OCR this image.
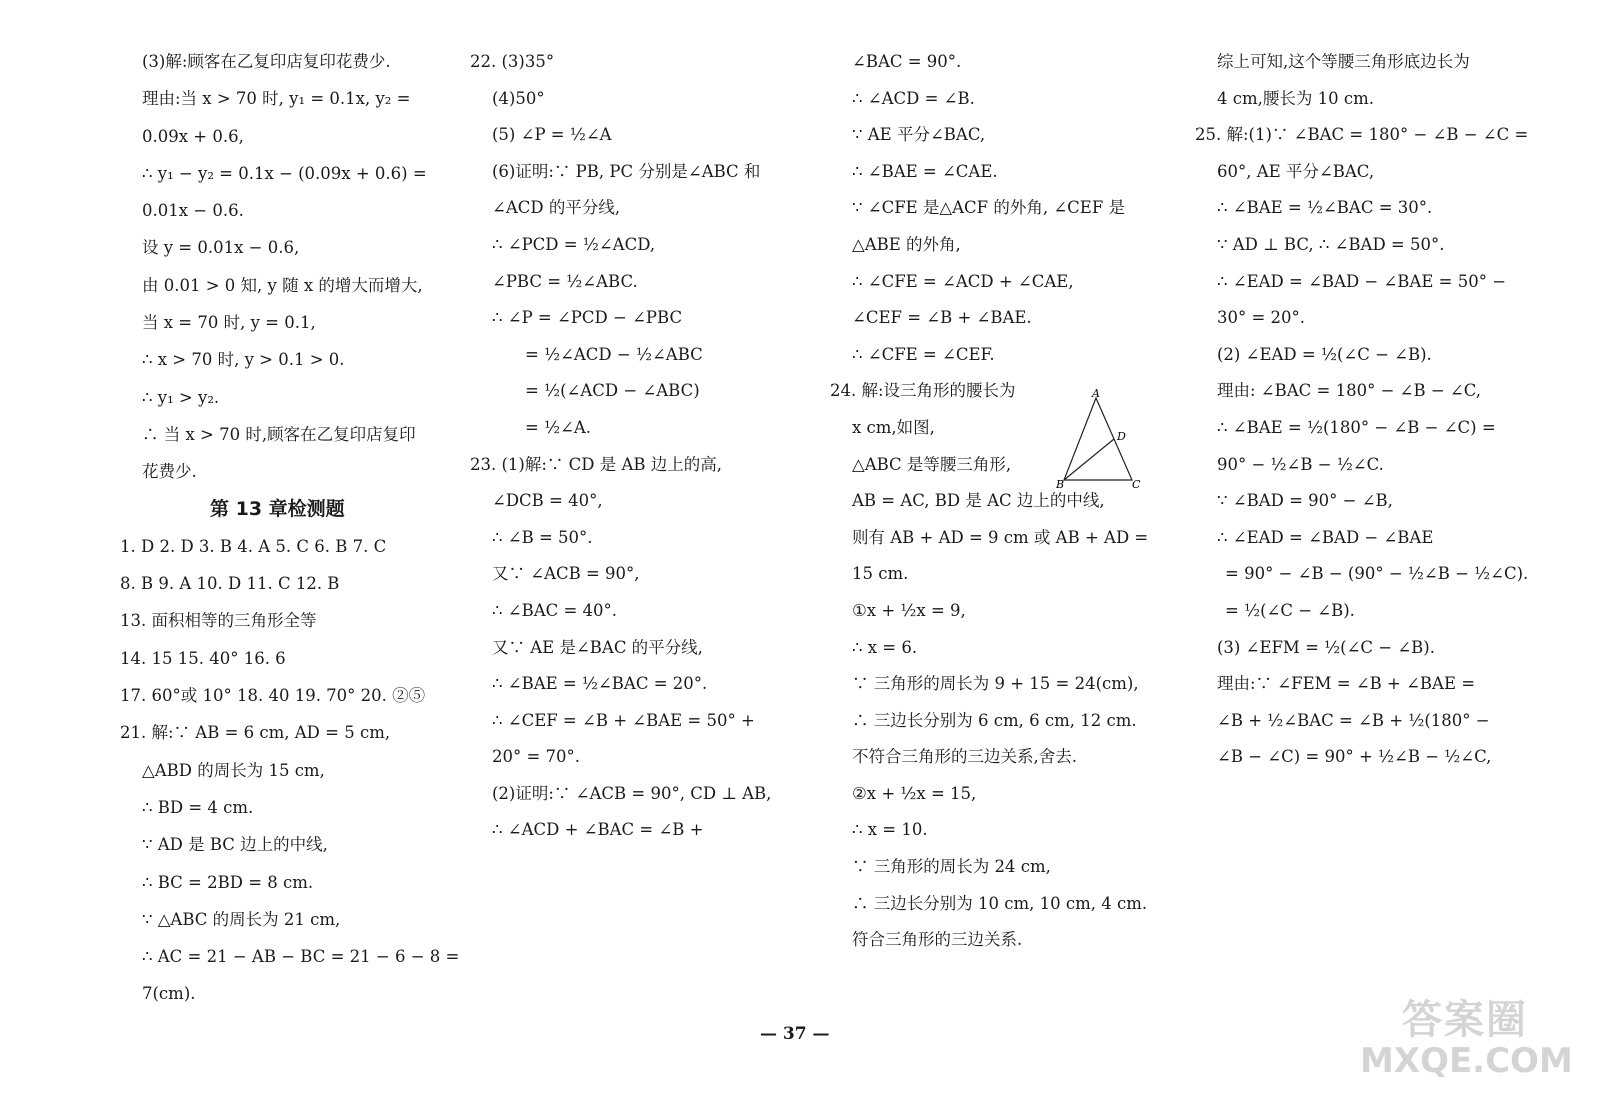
(3)解:顾客在乙复印店复印花费少.
理由:当 x > 70 时, y₁ = 0.1x, y₂ =
0.09x + 0.6,
∴ y₁ − y₂ = 0.1x − (0.09x + 0.6) =
0.01x − 0.6.
设 y = 0.01x − 0.6,
由 0.01 > 0 知, y 随 x 的增大而增大,
当 x = 70 时, y = 0.1,
∴ x > 70 时, y > 0.1 > 0.
∴ y₁ > y₂.
∴ 当 x > 70 时,顾客在乙复印店复印
花费少.
第 13 章检测题
1. D 2. D 3. B 4. A 5. C 6. B 7. C
8. B 9. A 10. D 11. C 12. B
13. 面积相等的三角形全等
14. 15 15. 40° 16. 6
17. 60°或 10° 18. 40 19. 70° 20. ②⑤
21. 解:∵ AB = 6 cm, AD = 5 cm,
△ABD 的周长为 15 cm,
∴ BD = 4 cm.
∵ AD 是 BC 边上的中线,
∴ BC = 2BD = 8 cm.
∵ △ABC 的周长为 21 cm,
∴ AC = 21 − AB − BC = 21 − 6 − 8 =
7(cm).
22. (3)35°
(4)50°
(5) ∠P = ½∠A
(6)证明:∵ PB, PC 分别是∠ABC 和
∠ACD 的平分线,
∴ ∠PCD = ½∠ACD,
∠PBC = ½∠ABC.
∴ ∠P = ∠PCD − ∠PBC
= ½∠ACD − ½∠ABC
= ½(∠ACD − ∠ABC)
= ½∠A.
23. (1)解:∵ CD 是 AB 边上的高,
∠DCB = 40°,
∴ ∠B = 50°.
又∵ ∠ACB = 90°,
∴ ∠BAC = 40°.
又∵ AE 是∠BAC 的平分线,
∴ ∠BAE = ½∠BAC = 20°.
∴ ∠CEF = ∠B + ∠BAE = 50° +
20° = 70°.
(2)证明:∵ ∠ACB = 90°, CD ⊥ AB,
∴ ∠ACD + ∠BAC = ∠B +
∠BAC = 90°.
∴ ∠ACD = ∠B.
∵ AE 平分∠BAC,
∴ ∠BAE = ∠CAE.
∵ ∠CFE 是△ACF 的外角, ∠CEF 是
△ABE 的外角,
∴ ∠CFE = ∠ACD + ∠CAE,
∠CEF = ∠B + ∠BAE.
∴ ∠CFE = ∠CEF.
24. 解:设三角形的腰长为
x cm,如图,
△ABC 是等腰三角形,
AB = AC, BD 是 AC 边上的中线,
则有 AB + AD = 9 cm 或 AB + AD =
15 cm.
①x + ½x = 9,
∴ x = 6.
∵ 三角形的周长为 9 + 15 = 24(cm),
∴ 三边长分别为 6 cm, 6 cm, 12 cm.
不符合三角形的三边关系,舍去.
②x + ½x = 15,
∴ x = 10.
∵ 三角形的周长为 24 cm,
∴ 三边长分别为 10 cm, 10 cm, 4 cm.
符合三角形的三边关系.
综上可知,这个等腰三角形底边长为
4 cm,腰长为 10 cm.
25. 解:(1)∵ ∠BAC = 180° − ∠B − ∠C =
60°, AE 平分∠BAC,
∴ ∠BAE = ½∠BAC = 30°.
∵ AD ⊥ BC, ∴ ∠BAD = 50°.
∴ ∠EAD = ∠BAD − ∠BAE = 50° −
30° = 20°.
(2) ∠EAD = ½(∠C − ∠B).
理由: ∠BAC = 180° − ∠B − ∠C,
∴ ∠BAE = ½(180° − ∠B − ∠C) =
90° − ½∠B − ½∠C.
∵ ∠BAD = 90° − ∠B,
∴ ∠EAD = ∠BAD − ∠BAE
= 90° − ∠B − (90° − ½∠B − ½∠C).
= ½(∠C − ∠B).
(3) ∠EFM = ½(∠C − ∠B).
理由:∵ ∠FEM = ∠B + ∠BAE =
∠B + ½∠BAC = ∠B + ½(180° −
∠B − ∠C) = 90° + ½∠B − ½∠C,
A
D
B	C
— 37 —	答案圈
MXQE.COM
